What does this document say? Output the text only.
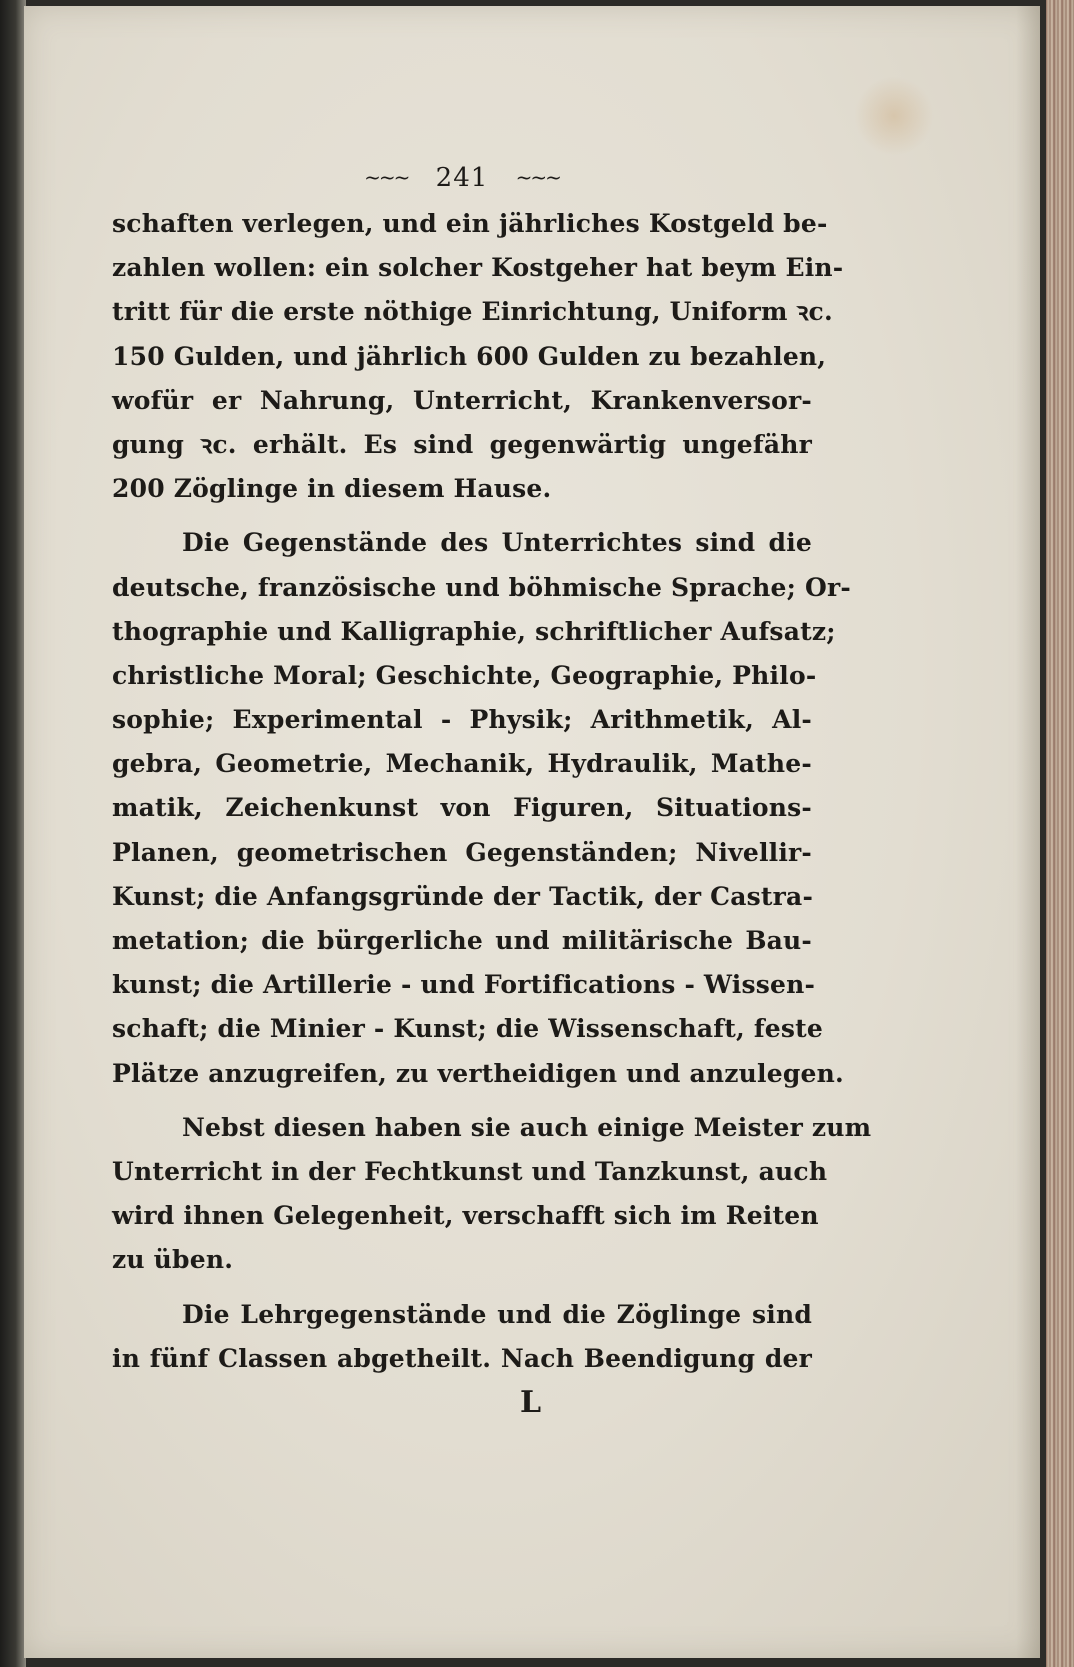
~~~ 241 ~~~
schaften verlegen, und ein jährliches Kostgeld be-
zahlen wollen: ein solcher Kostgeher hat beym Ein-
tritt für die erste nöthige Einrichtung, Uniform ꝛc.
150 Gulden, und jährlich 600 Gulden zu bezahlen,
wofür er Nahrung, Unterricht, Krankenversor-
gung ꝛc. erhält. Es sind gegenwärtig ungefähr
200 Zöglinge in diesem Hause.
Die Gegenstände des Unterrichtes sind die
deutsche, französische und böhmische Sprache; Or-
thographie und Kalligraphie, schriftlicher Aufsatz;
christliche Moral; Geschichte, Geographie, Philo-
sophie; Experimental - Physik; Arithmetik, Al-
gebra, Geometrie, Mechanik, Hydraulik, Mathe-
matik, Zeichenkunst von Figuren, Situations-
Planen, geometrischen Gegenständen; Nivellir-
Kunst; die Anfangsgründe der Tactik, der Castra-
metation; die bürgerliche und militärische Bau-
kunst; die Artillerie - und Fortifications - Wissen-
schaft; die Minier - Kunst; die Wissenschaft, feste
Plätze anzugreifen, zu vertheidigen und anzulegen.
Nebst diesen haben sie auch einige Meister zum
Unterricht in der Fechtkunst und Tanzkunst, auch
wird ihnen Gelegenheit, verschafft sich im Reiten
zu üben.
Die Lehrgegenstände und die Zöglinge sind
in fünf Classen abgetheilt. Nach Beendigung der
L
